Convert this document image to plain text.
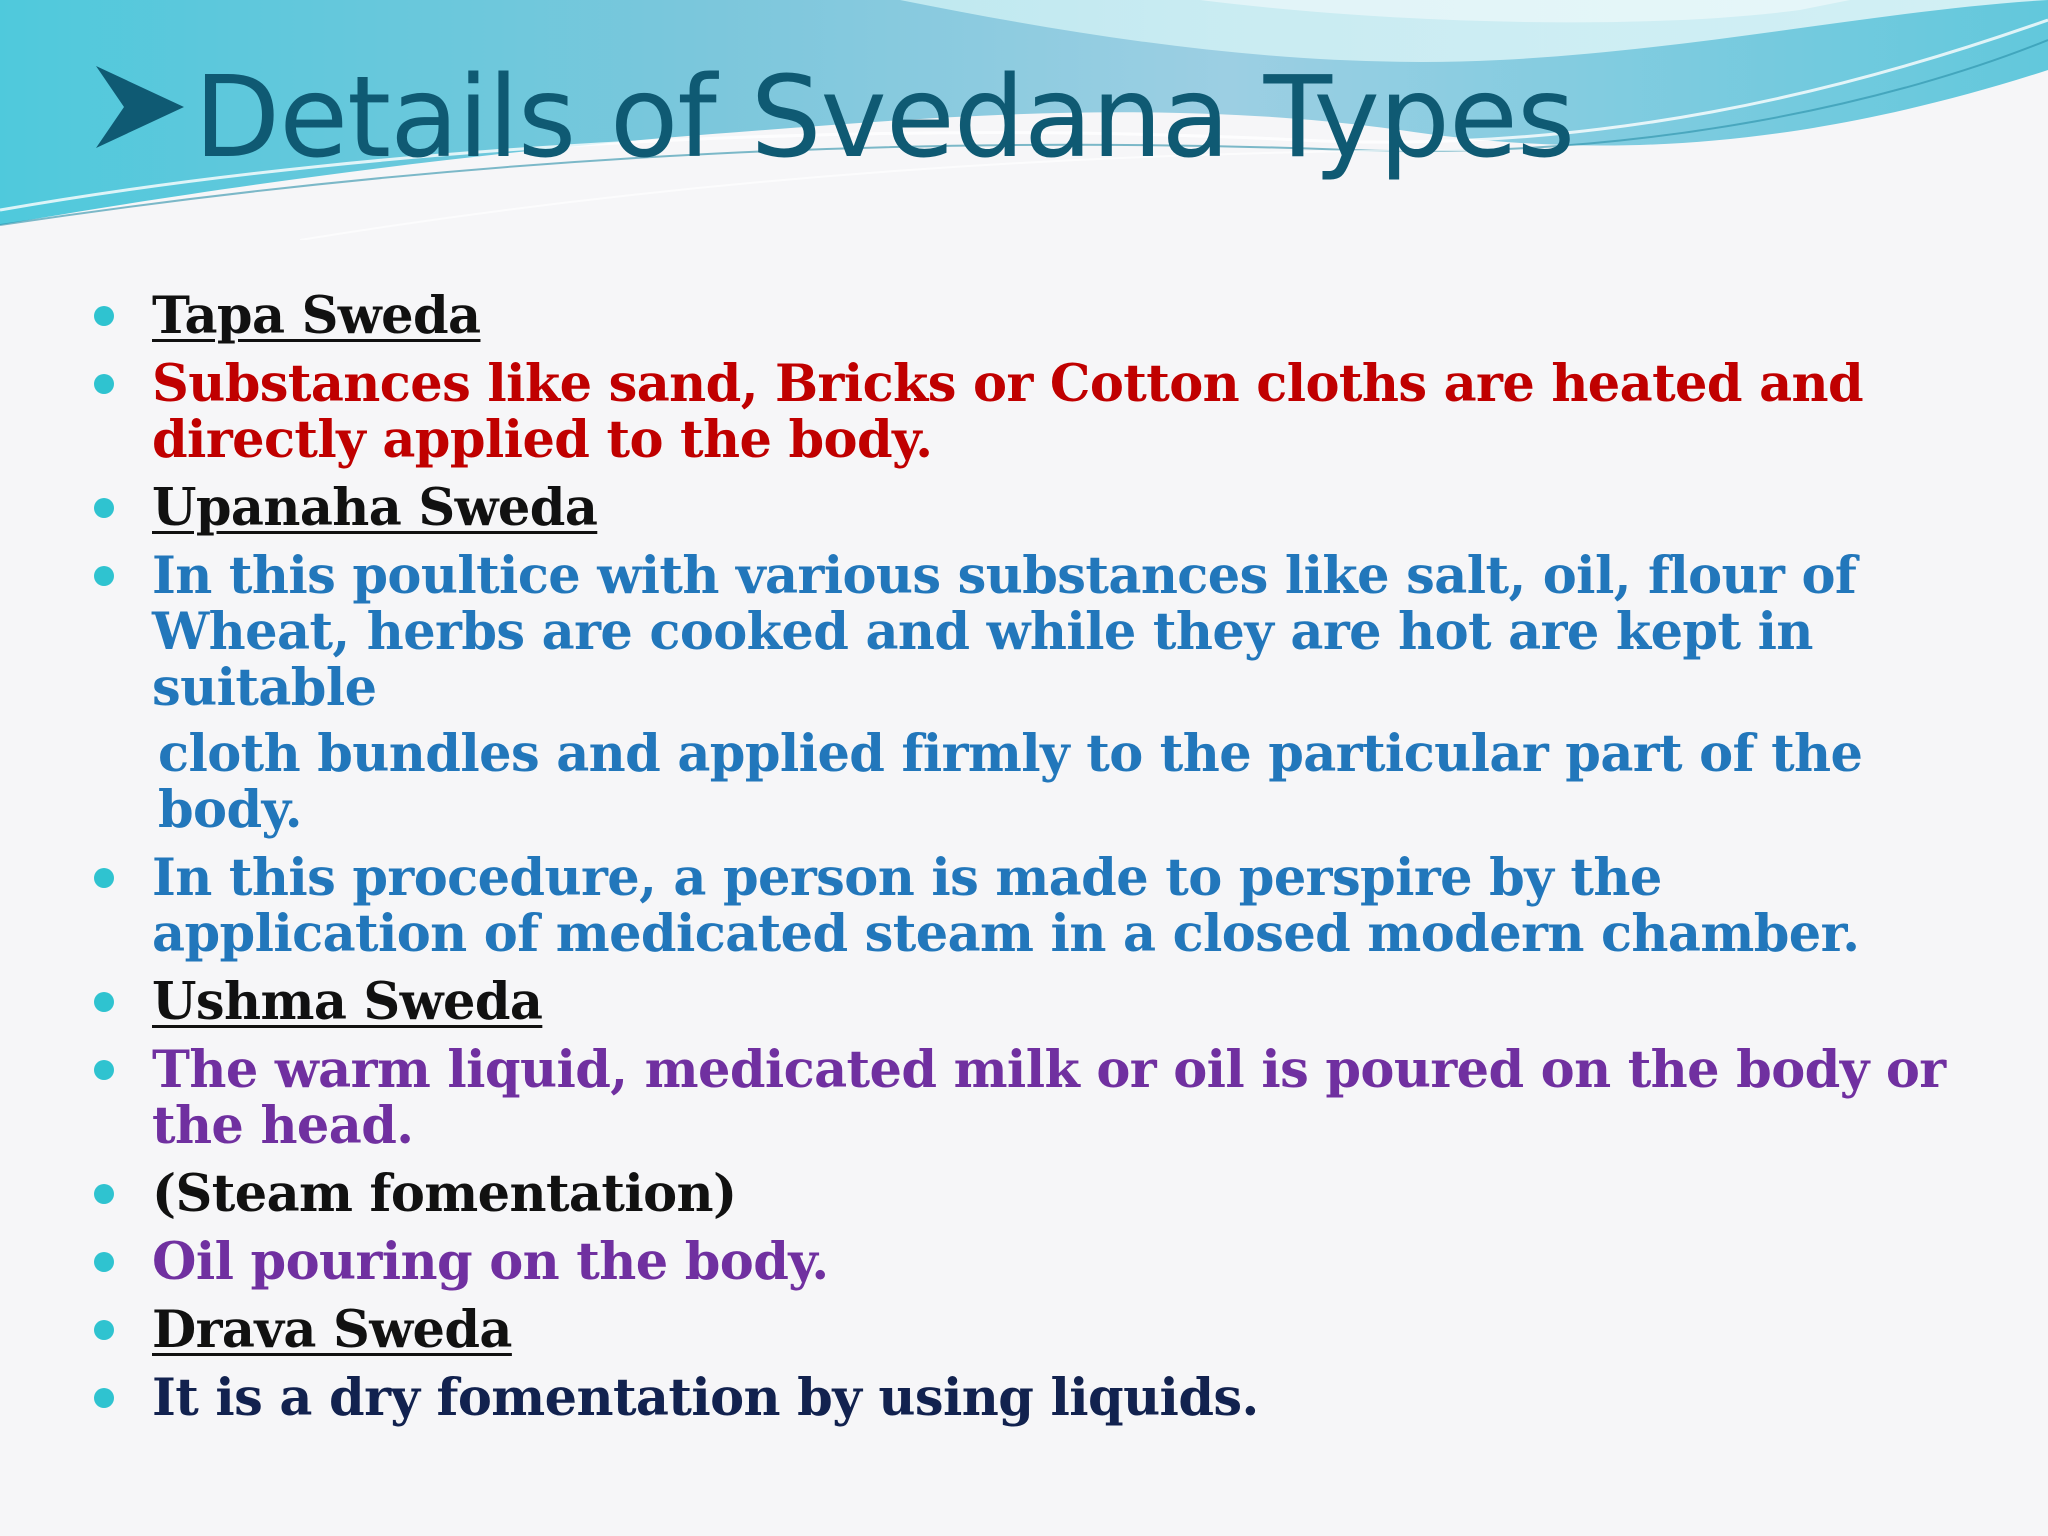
Details of Svedana Types
Tapa Sweda
Substances like sand, Bricks or Cotton cloths are heated and directly applied to the body.
Upanaha Sweda
In this poultice with various substances like salt, oil, flour of Wheat, herbs are cooked and while they are hot are kept in suitable
cloth bundles and applied firmly to the particular part of the body.
In this procedure, a person is made to perspire by the application of medicated steam in a closed modern chamber.
Ushma Sweda
The warm liquid, medicated milk or oil is poured on the body or the head.
(Steam fomentation)
Oil pouring on the body.
Drava Sweda
It is a dry fomentation by using liquids.
